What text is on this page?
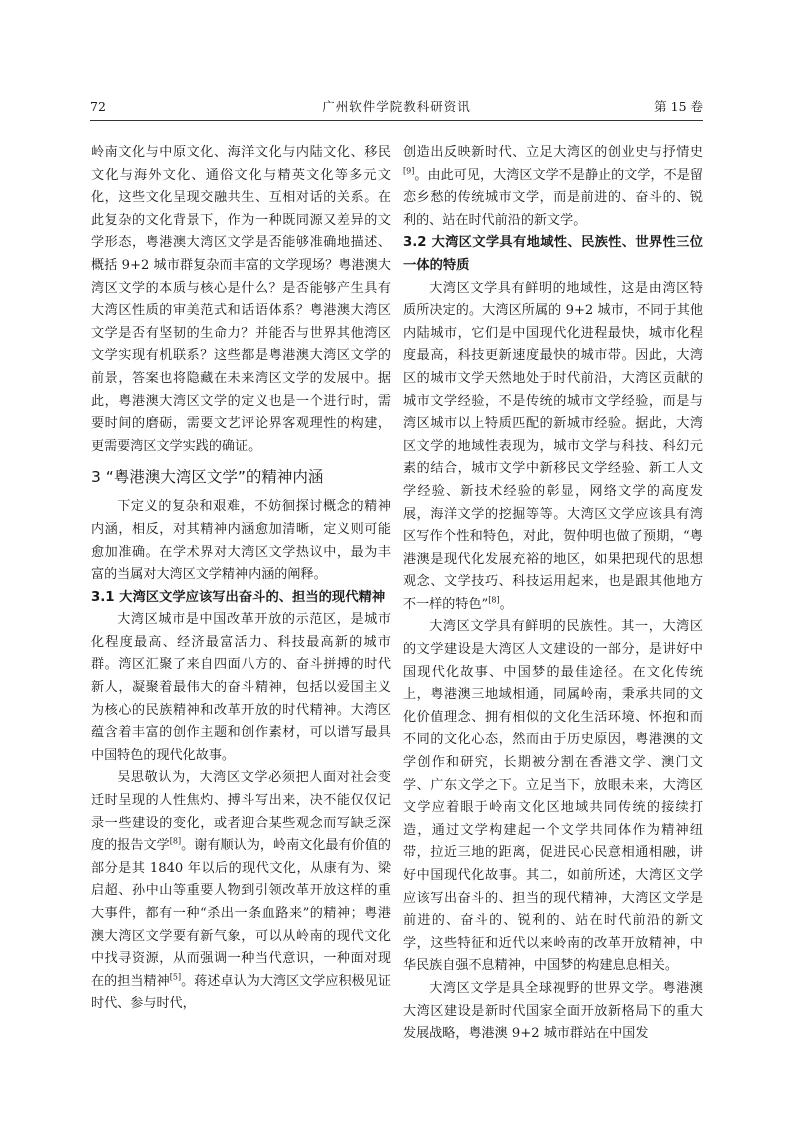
72	广州软件学院教科研资讯	第 15 卷

岭南文化与中原文化、海洋文化与内陆文化、移民文化与海外文化、通俗文化与精英文化等多元文化，这些文化呈现交融共生、互相对话的关系。在此复杂的文化背景下，作为一种既同源又差异的文学形态，粤港澳大湾区文学是否能够准确地描述、概括 9+2 城市群复杂而丰富的文学现场？粤港澳大湾区文学的本质与核心是什么？是否能够产生具有大湾区性质的审美范式和话语体系？粤港澳大湾区文学是否有坚韧的生命力？并能否与世界其他湾区文学实现有机联系？这些都是粤港澳大湾区文学的前景，答案也将隐藏在未来湾区文学的发展中。据此，粤港澳大湾区文学的定义也是一个进行时，需要时间的磨砺，需要文艺评论界客观理性的构建，更需要湾区文学实践的确证。

3 “粤港澳大湾区文学”的精神内涵

下定义的复杂和艰难，不妨徊探讨概念的精神内涵，相反，对其精神内涵愈加清晰，定义则可能愈加准确。在学术界对大湾区文学热议中，最为丰富的当属对大湾区文学精神内涵的阐释。

3.1 大湾区文学应该写出奋斗的、担当的现代精神

大湾区城市是中国改革开放的示范区，是城市化程度最高、经济最富活力、科技最高新的城市群。湾区汇聚了来自四面八方的、奋斗拼搏的时代新人，凝聚着最伟大的奋斗精神，包括以爱国主义为核心的民族精神和改革开放的时代精神。大湾区蕴含着丰富的创作主题和创作素材，可以谱写最具中国特色的现代化故事。

吴思敬认为，大湾区文学必须把人面对社会变迁时呈现的人性焦灼、搏斗写出来，决不能仅仅记录一些建设的变化，或者迎合某些观念而写缺乏深度的报告文学[8]。谢有顺认为，岭南文化最有价值的部分是其 1840 年以后的现代文化，从康有为、梁启超、孙中山等重要人物到引领改革开放这样的重大事件，都有一种“杀出一条血路来”的精神；粤港澳大湾区文学要有新气象，可以从岭南的现代文化中找寻资源，从而强调一种当代意识，一种面对现在的担当精神[5]。蒋述卓认为大湾区文学应积极见证时代、参与时代，

创造出反映新时代、立足大湾区的创业史与抒情史[9]。由此可见，大湾区文学不是静止的文学，不是留恋乡愁的传统城市文学，而是前进的、奋斗的、锐利的、站在时代前沿的新文学。

3.2 大湾区文学具有地域性、民族性、世界性三位一体的特质

大湾区文学具有鲜明的地域性，这是由湾区特质所决定的。大湾区所属的 9+2 城市，不同于其他内陆城市，它们是中国现代化进程最快，城市化程度最高，科技更新速度最快的城市带。因此，大湾区的城市文学天然地处于时代前沿，大湾区贡献的城市文学经验，不是传统的城市文学经验，而是与湾区城市以上特质匹配的新城市经验。据此，大湾区文学的地域性表现为，城市文学与科技、科幻元素的结合，城市文学中新移民文学经验、新工人文学经验、新技术经验的彰显，网络文学的高度发展，海洋文学的挖掘等等。大湾区文学应该具有湾区写作个性和特色，对此，贺仲明也做了预期，“粤港澳是现代化发展充裕的地区，如果把现代的思想观念、文学技巧、科技运用起来，也是跟其他地方不一样的特色”[8]。

大湾区文学具有鲜明的民族性。其一，大湾区的文学建设是大湾区人文建设的一部分，是讲好中国现代化故事、中国梦的最佳途径。在文化传统上，粤港澳三地域相通，同属岭南，秉承共同的文化价值理念、拥有相似的文化生活环境、怀抱和而不同的文化心态，然而由于历史原因，粤港澳的文学创作和研究，长期被分割在香港文学、澳门文学、广东文学之下。立足当下，放眼未来，大湾区文学应着眼于岭南文化区地域共同传统的接续打造，通过文学构建起一个文学共同体作为精神纽带，拉近三地的距离，促进民心民意相通相融，讲好中国现代化故事。其二，如前所述，大湾区文学应该写出奋斗的、担当的现代精神，大湾区文学是前进的、奋斗的、锐利的、站在时代前沿的新文学，这些特征和近代以来岭南的改革开放精神，中华民族自强不息精神，中国梦的构建息息相关。

大湾区文学是具全球视野的世界文学。粤港澳大湾区建设是新时代国家全面开放新格局下的重大发展战略，粤港澳 9+2 城市群站在中国发
